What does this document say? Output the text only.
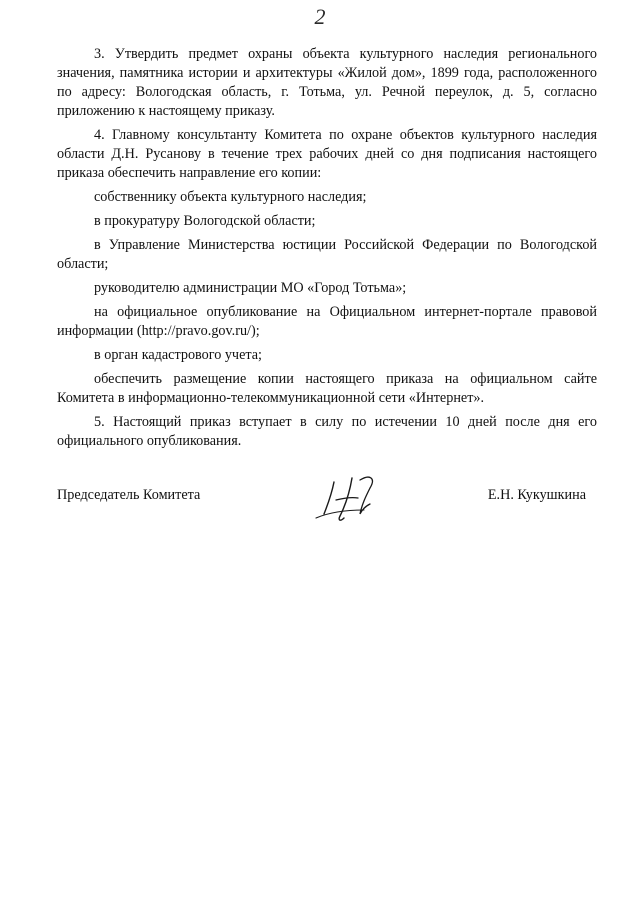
2

3. Утвердить предмет охраны объекта культурного наследия регионального значения, памятника истории и архитектуры «Жилой дом», 1899 года, расположенного по адресу: Вологодская область, г. Тотьма, ул. Речной переулок, д. 5, согласно приложению к настоящему приказу.

4. Главному консультанту Комитета по охране объектов культурного наследия области Д.Н. Русанову в течение трех рабочих дней со дня подписания настоящего приказа обеспечить направление его копии:

собственнику объекта культурного наследия;

в прокуратуру Вологодской области;

в Управление Министерства юстиции Российской Федерации по Вологодской области;

руководителю администрации МО «Город Тотьма»;

на официальное опубликование на Официальном интернет-портале правовой информации (http://pravo.gov.ru/);

в орган кадастрового учета;

обеспечить размещение копии настоящего приказа на официальном сайте Комитета в информационно-телекоммуникационной сети «Интернет».

5. Настоящий приказ вступает в силу по истечении 10 дней после дня его официального опубликования.

Председатель Комитета	Е.Н. Кукушкина
